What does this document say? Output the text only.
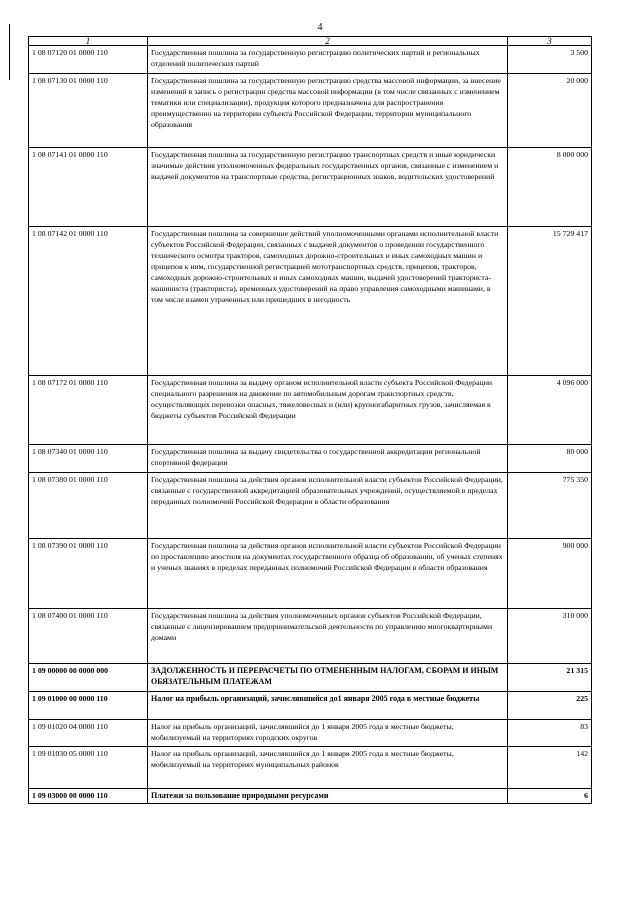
4
1	2	3
1 08 07120 01 0000 110	Государственная пошлина за государственную регистрацию политических партий и региональных отделений политических партий	3 500
1 08 07130 01 0000 110	Государственная пошлина за государственную регистрацию средства массовой информации, за внесение изменений в запись о регистрации средства массовой информации (в том числе связанных с изменением тематики или специализации), продукция которого предназначена для распространения преимущественно на территории субъекта Российской Федерации, территории муниципального образования	20 000
1 08 07141 01 0000 110	Государственная пошлина за государственную регистрацию транспортных средств и иные юридически значимые действия уполномоченных федеральных государственных органов, связанные с изменением и выдачей документов на транспортные средства, регистрационных знаков, водительских удостоверений	8 000 000
1 08 07142 01 0000 110	Государственная пошлина за совершение действий уполномоченными органами исполнительной власти субъектов Российской Федерации, связанных с выдачей документов о проведении государственного технического осмотра тракторов, самоходных дорожно-строительных и иных самоходных машин и прицепов к ним, государственной регистрацией мототранспортных средств, прицепов, тракторов, самоходных дорожно-строительных и иных самоходных машин, выдачей удостоверений тракториста-машиниста (тракториста), временных удостоверений на право управления самоходными машинами, в том числе взамен утраченных или пришедших в негодность	15 729 417
1 08 07172 01 0000 110	Государственная пошлина за выдачу органом исполнительной власти субъекта Российской Федерации специального разрешения на движение по автомобильным дорогам транспортных средств, осуществляющих перевозки опасных, тяжеловесных и (или) крупногабаритных грузов, зачисляемая в бюджеты субъектов Российской Федерации	4 096 000
1 08 07340 01 0000 110	Государственная пошлина за выдачу свидетельства о государственной аккредитации региональной спортивной федерации	80 000
1 08 07380 01 0000 110	Государственная пошлина за действия органов исполнительной власти субъектов Российской Федерации, связанные с государственной аккредитацией образовательных учреждений, осуществляемой в пределах переданных полномочий Российской Федерации в области образования	775 350
1 08 07390 01 0000 110	Государственная пошлина за действия органов исполнительной власти субъектов Российской Федерации по проставлению апостиля на документах государственного образца об образовании, об ученых степенях и ученых званиях в пределах переданных полномочий Российской Федерации в области образования	900 000
1 08 07400 01 0000 110	Государственная пошлина за действия уполномоченных органов субъектов Российской Федерации, связанные с лицензированием предпринимательской деятельности по управлению многоквартирными домами	310 000
1 09 00000 00 0000 000	ЗАДОЛЖЕННОСТЬ И ПЕРЕРАСЧЕТЫ ПО ОТМЕНЕННЫМ НАЛОГАМ, СБОРАМ И ИНЫМ ОБЯЗАТЕЛЬНЫМ ПЛАТЕЖАМ	21 315
1 09 01000 00 0000 110	Налог на прибыль организаций, зачислявшийся до1 января 2005 года в местные бюджеты	225
1 09 01020 04 0000 110	Налог на прибыль организаций, зачислявшийся до 1 января 2005 года в местные бюджеты, мобилизуемый на территориях городских округов	83
1 09 01030 05 0000 110	Налог на прибыль организаций, зачислявшийся до 1 января 2005 года в местные бюджеты, мобилизуемый на территориях муниципальных районов	142
1 09 03000 00 0000 110	Платежи за пользование природными ресурсами	6
